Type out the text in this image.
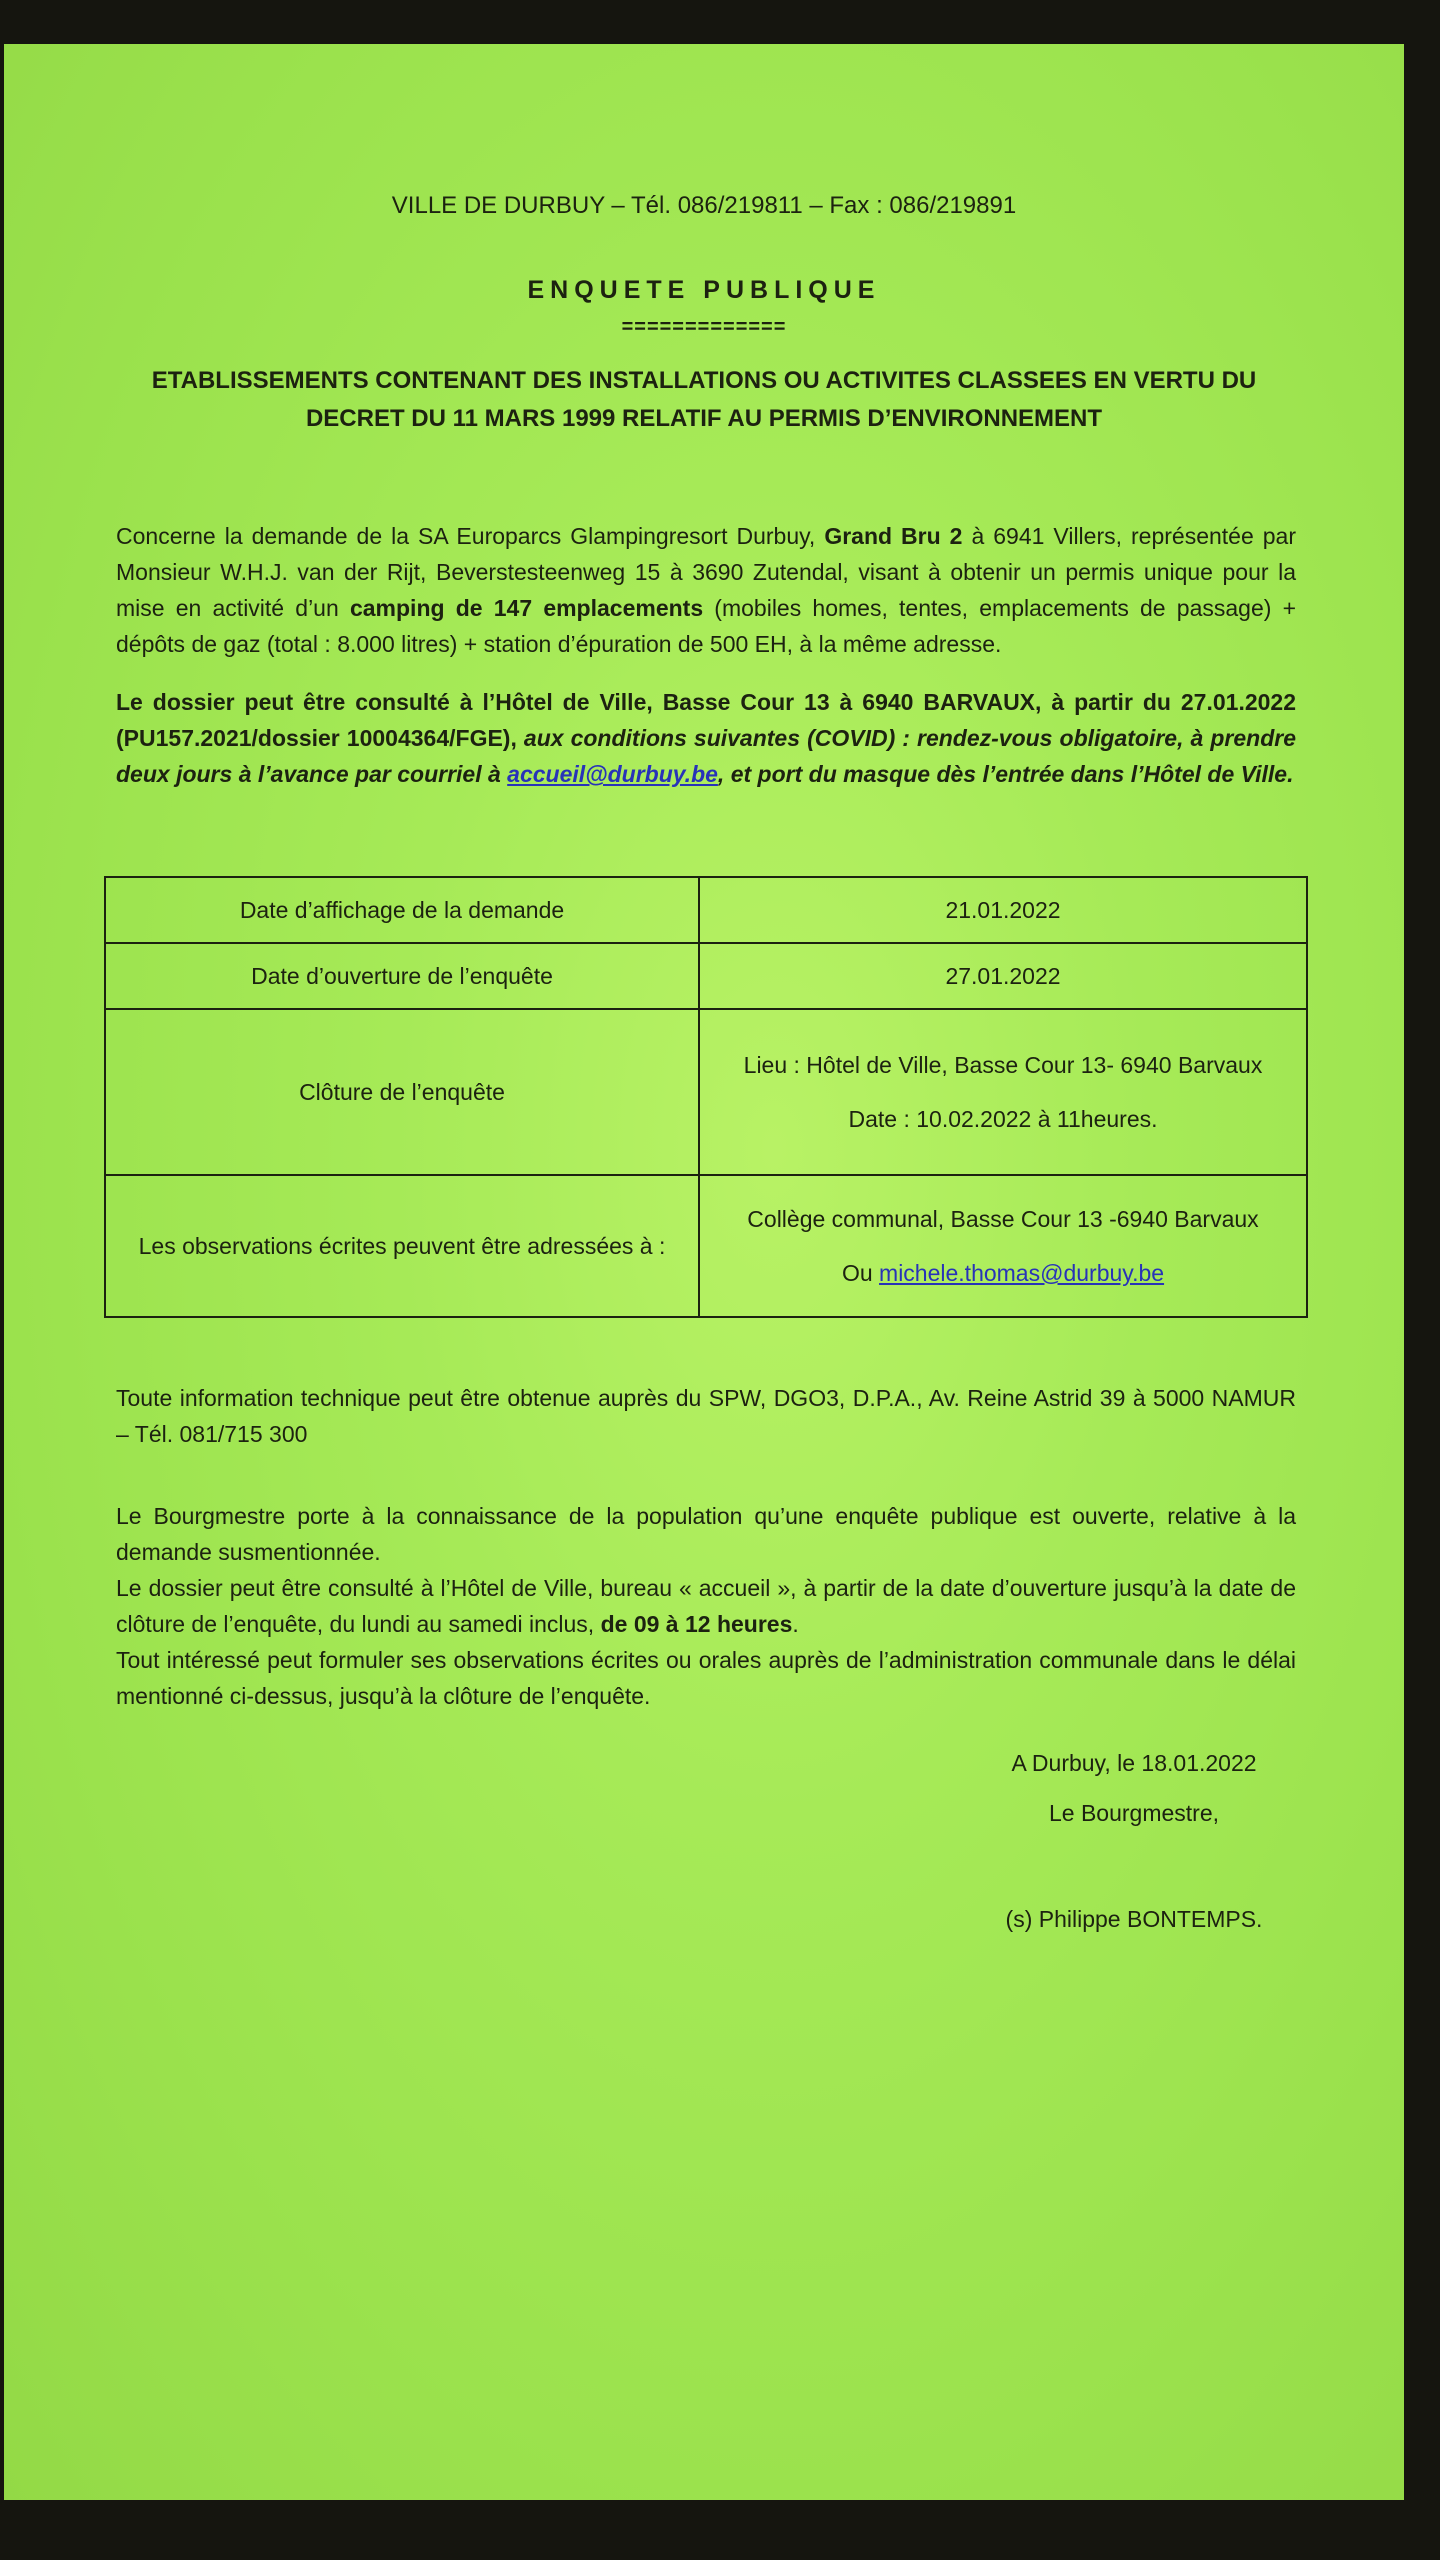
VILLE DE DURBUY – Tél. 086/219811 – Fax : 086/219891
ENQUETE PUBLIQUE
=============
ETABLISSEMENTS CONTENANT DES INSTALLATIONS OU ACTIVITES CLASSEES EN VERTU DU
DECRET DU 11 MARS 1999 RELATIF AU PERMIS D’ENVIRONNEMENT
Concerne la demande de la SA Europarcs Glampingresort Durbuy, Grand Bru 2 à 6941 Villers, représentée par Monsieur W.H.J. van der Rijt, Beverstesteenweg 15 à 3690 Zutendal, visant à obtenir un permis unique pour la mise en activité d’un camping de 147 emplacements (mobiles homes, tentes, emplacements de passage) + dépôts de gaz (total : 8.000 litres) + station d’épuration de 500 EH, à la même adresse.
Le dossier peut être consulté à l’Hôtel de Ville, Basse Cour 13 à 6940 BARVAUX, à partir du 27.01.2022 (PU157.2021/dossier 10004364/FGE), aux conditions suivantes (COVID) : rendez-vous obligatoire, à prendre deux jours à l’avance par courriel à accueil@durbuy.be, et port du masque dès l’entrée dans l’Hôtel de Ville.
Date d’affichage de la demande	21.01.2022
Date d’ouverture de l’enquête	27.01.2022
Clôture de l’enquête	Lieu : Hôtel de Ville, Basse Cour 13- 6940 Barvaux
Date : 10.02.2022 à 11heures.

Les observations écrites peuvent être adressées à :	Collège communal, Basse Cour 13 -6940 Barvaux
Ou michele.thomas@durbuy.be
Toute information technique peut être obtenue auprès du SPW, DGO3, D.P.A., Av. Reine Astrid 39 à 5000 NAMUR – Tél. 081/715 300
Le Bourgmestre porte à la connaissance de la population qu’une enquête publique est ouverte, relative à la demande susmentionnée.
Le dossier peut être consulté à l’Hôtel de Ville, bureau « accueil », à partir de la date d’ouverture jusqu’à la date de clôture de l’enquête, du lundi au samedi inclus, de 09 à 12 heures.
Tout intéressé peut formuler ses observations écrites ou orales auprès de l’administration communale dans le délai mentionné ci-dessus, jusqu’à la clôture de l’enquête.
A Durbuy, le 18.01.2022
Le Bourgmestre,
(s) Philippe BONTEMPS.
